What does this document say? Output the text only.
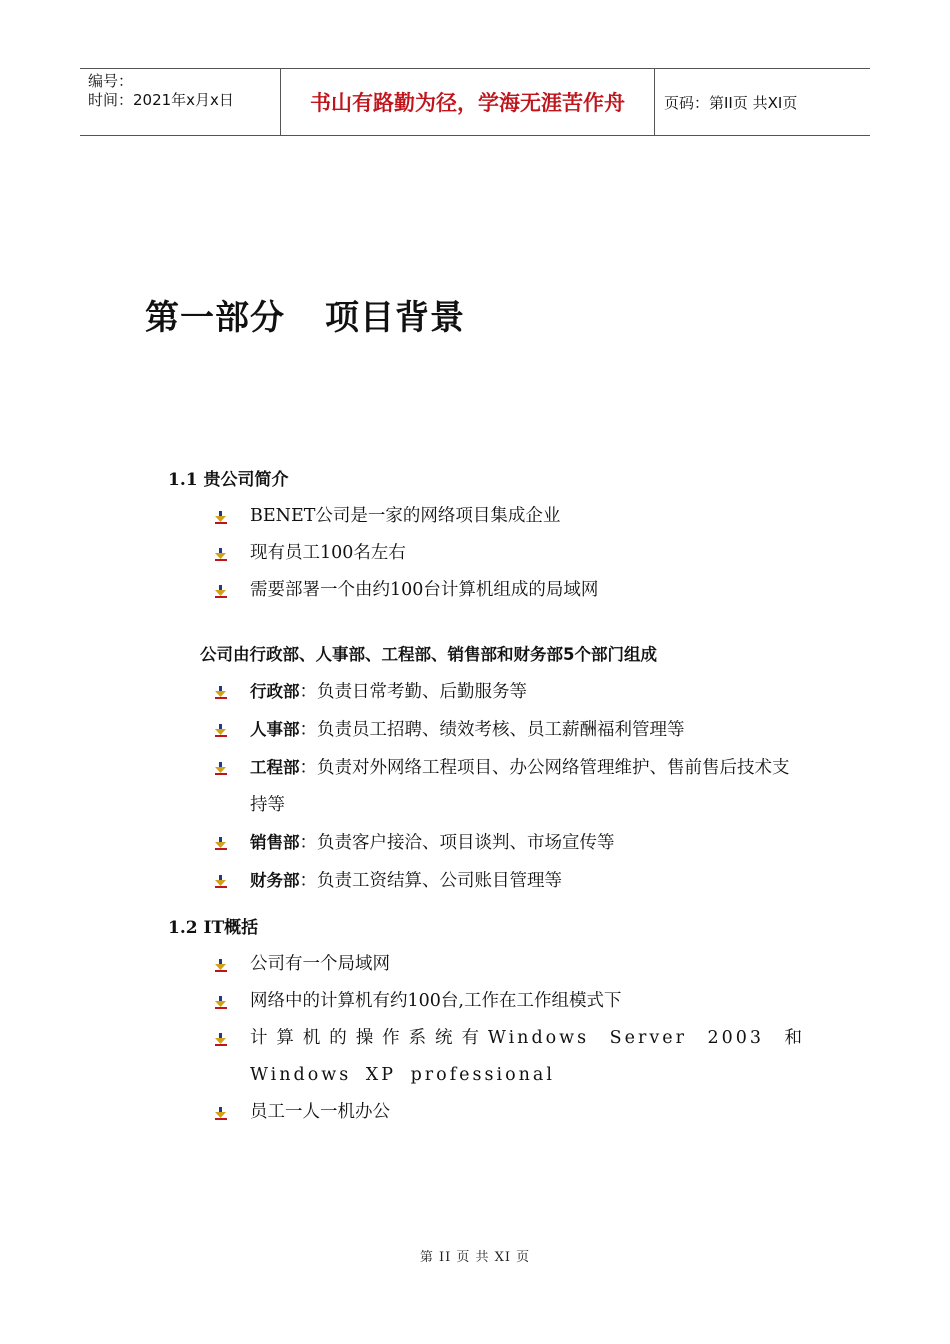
编号：
时间：2021年x月x日	书山有路勤为径，学海无涯苦作舟	页码：第II页 共XI页
第一部分 项目背景
1.1 贵公司简介
BENET公司是一家的网络项目集成企业
现有员工100名左右
需要部署一个由约100台计算机组成的局域网
公司由行政部、人事部、工程部、销售部和财务部5个部门组成
行政部：负责日常考勤、后勤服务等
人事部：负责员工招聘、绩效考核、员工薪酬福利管理等
工程部：负责对外网络工程项目、办公网络管理维护、售前售后技术支持等
销售部：负责客户接洽、项目谈判、市场宣传等
财务部：负责工资结算、公司账目管理等
1.2 IT概括
公司有一个局域网
网络中的计算机有约100台,工作在工作组模式下
计算机的操作系统有Windows Server 2003 和Windows XP professional
员工一人一机办公
第 II 页 共 XI 页
